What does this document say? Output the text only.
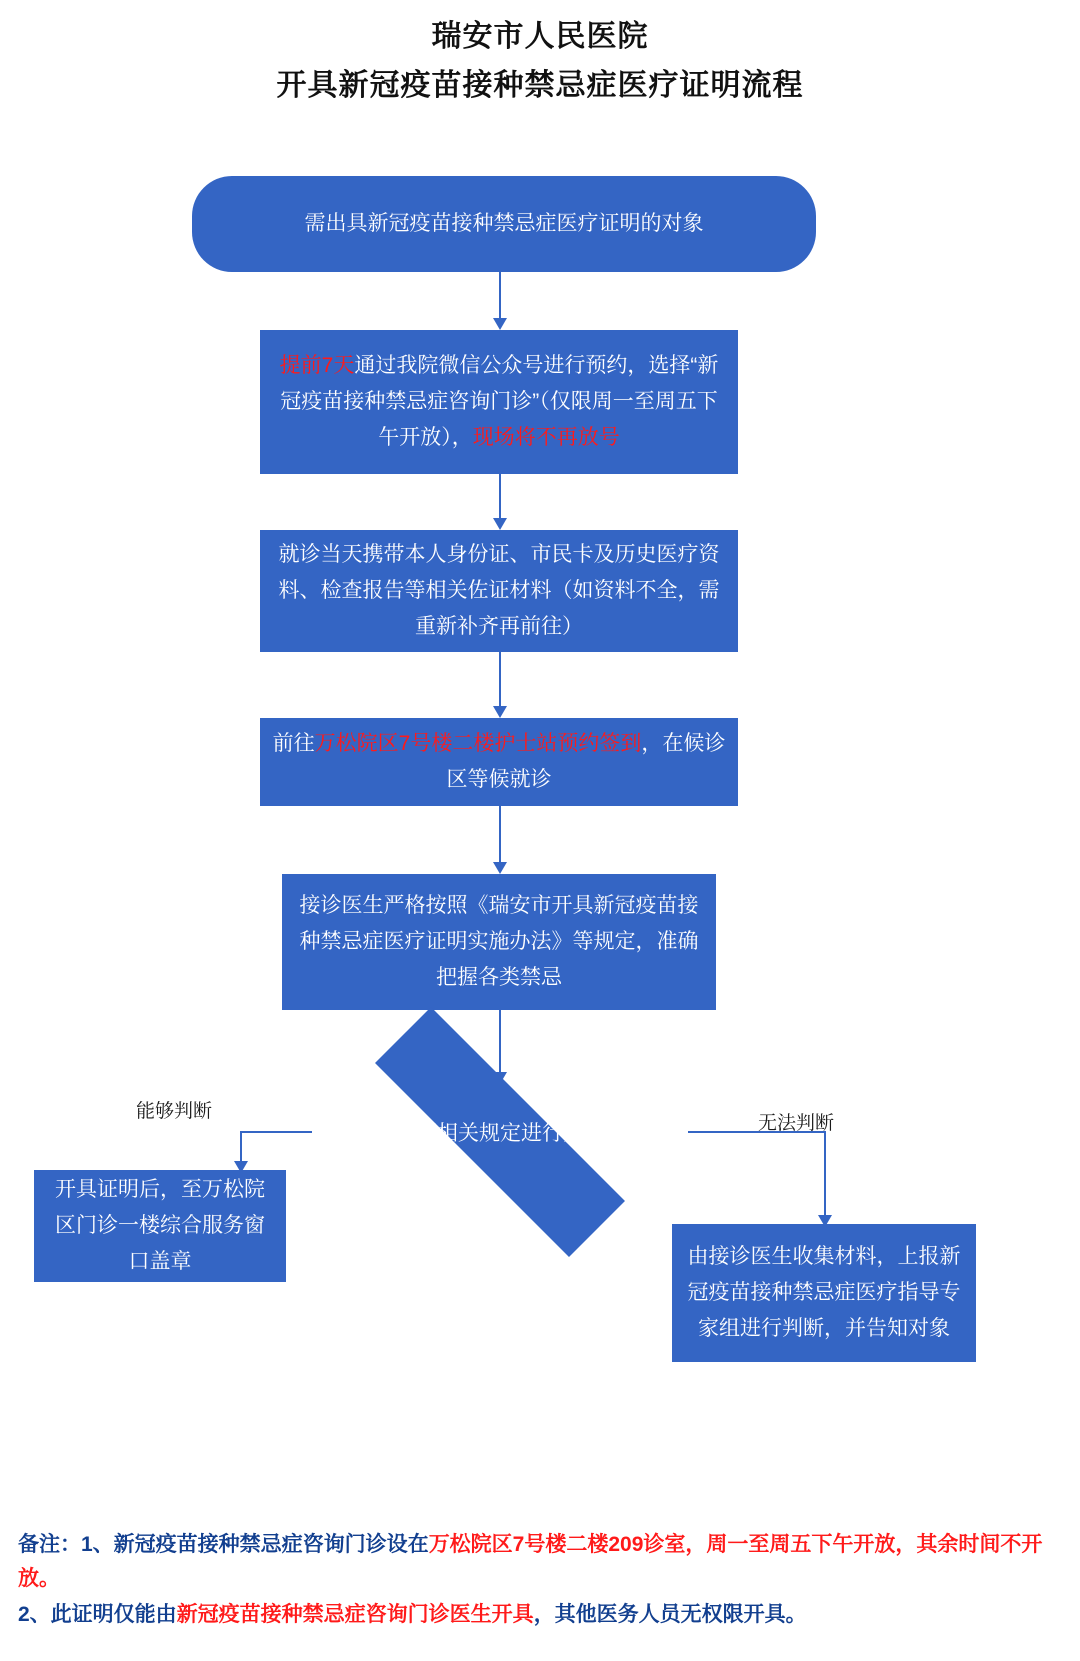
瑞安市人民医院
开具新冠疫苗接种禁忌症医疗证明流程
需出具新冠疫苗接种禁忌症医疗证明的对象
提前7天通过我院微信公众号进行预约，选择“新冠疫苗接种禁忌症咨询门诊”（仅限周一至周五下午开放），现场将不再放号
就诊当天携带本人身份证、市民卡及历史医疗资料、检查报告等相关佐证材料（如资料不全，需重新补齐再前往）
前往万松院区7号楼二楼护士站预约签到，在候诊区等候就诊
接诊医生严格按照《瑞安市开具新冠疫苗接种禁忌症医疗证明实施办法》等规定，准确把握各类禁忌
根据相关规定进行判断
能够判断
无法判断
开具证明后，至万松院区门诊一楼综合服务窗口盖章	由接诊医生收集材料，上报新冠疫苗接种禁忌症医疗指导专家组进行判断，并告知对象
备注：1、新冠疫苗接种禁忌症咨询门诊设在万松院区7号楼二楼209诊室，周一至周五下午开放，其余时间不开放。
2、此证明仅能由新冠疫苗接种禁忌症咨询门诊医生开具，其他医务人员无权限开具。
